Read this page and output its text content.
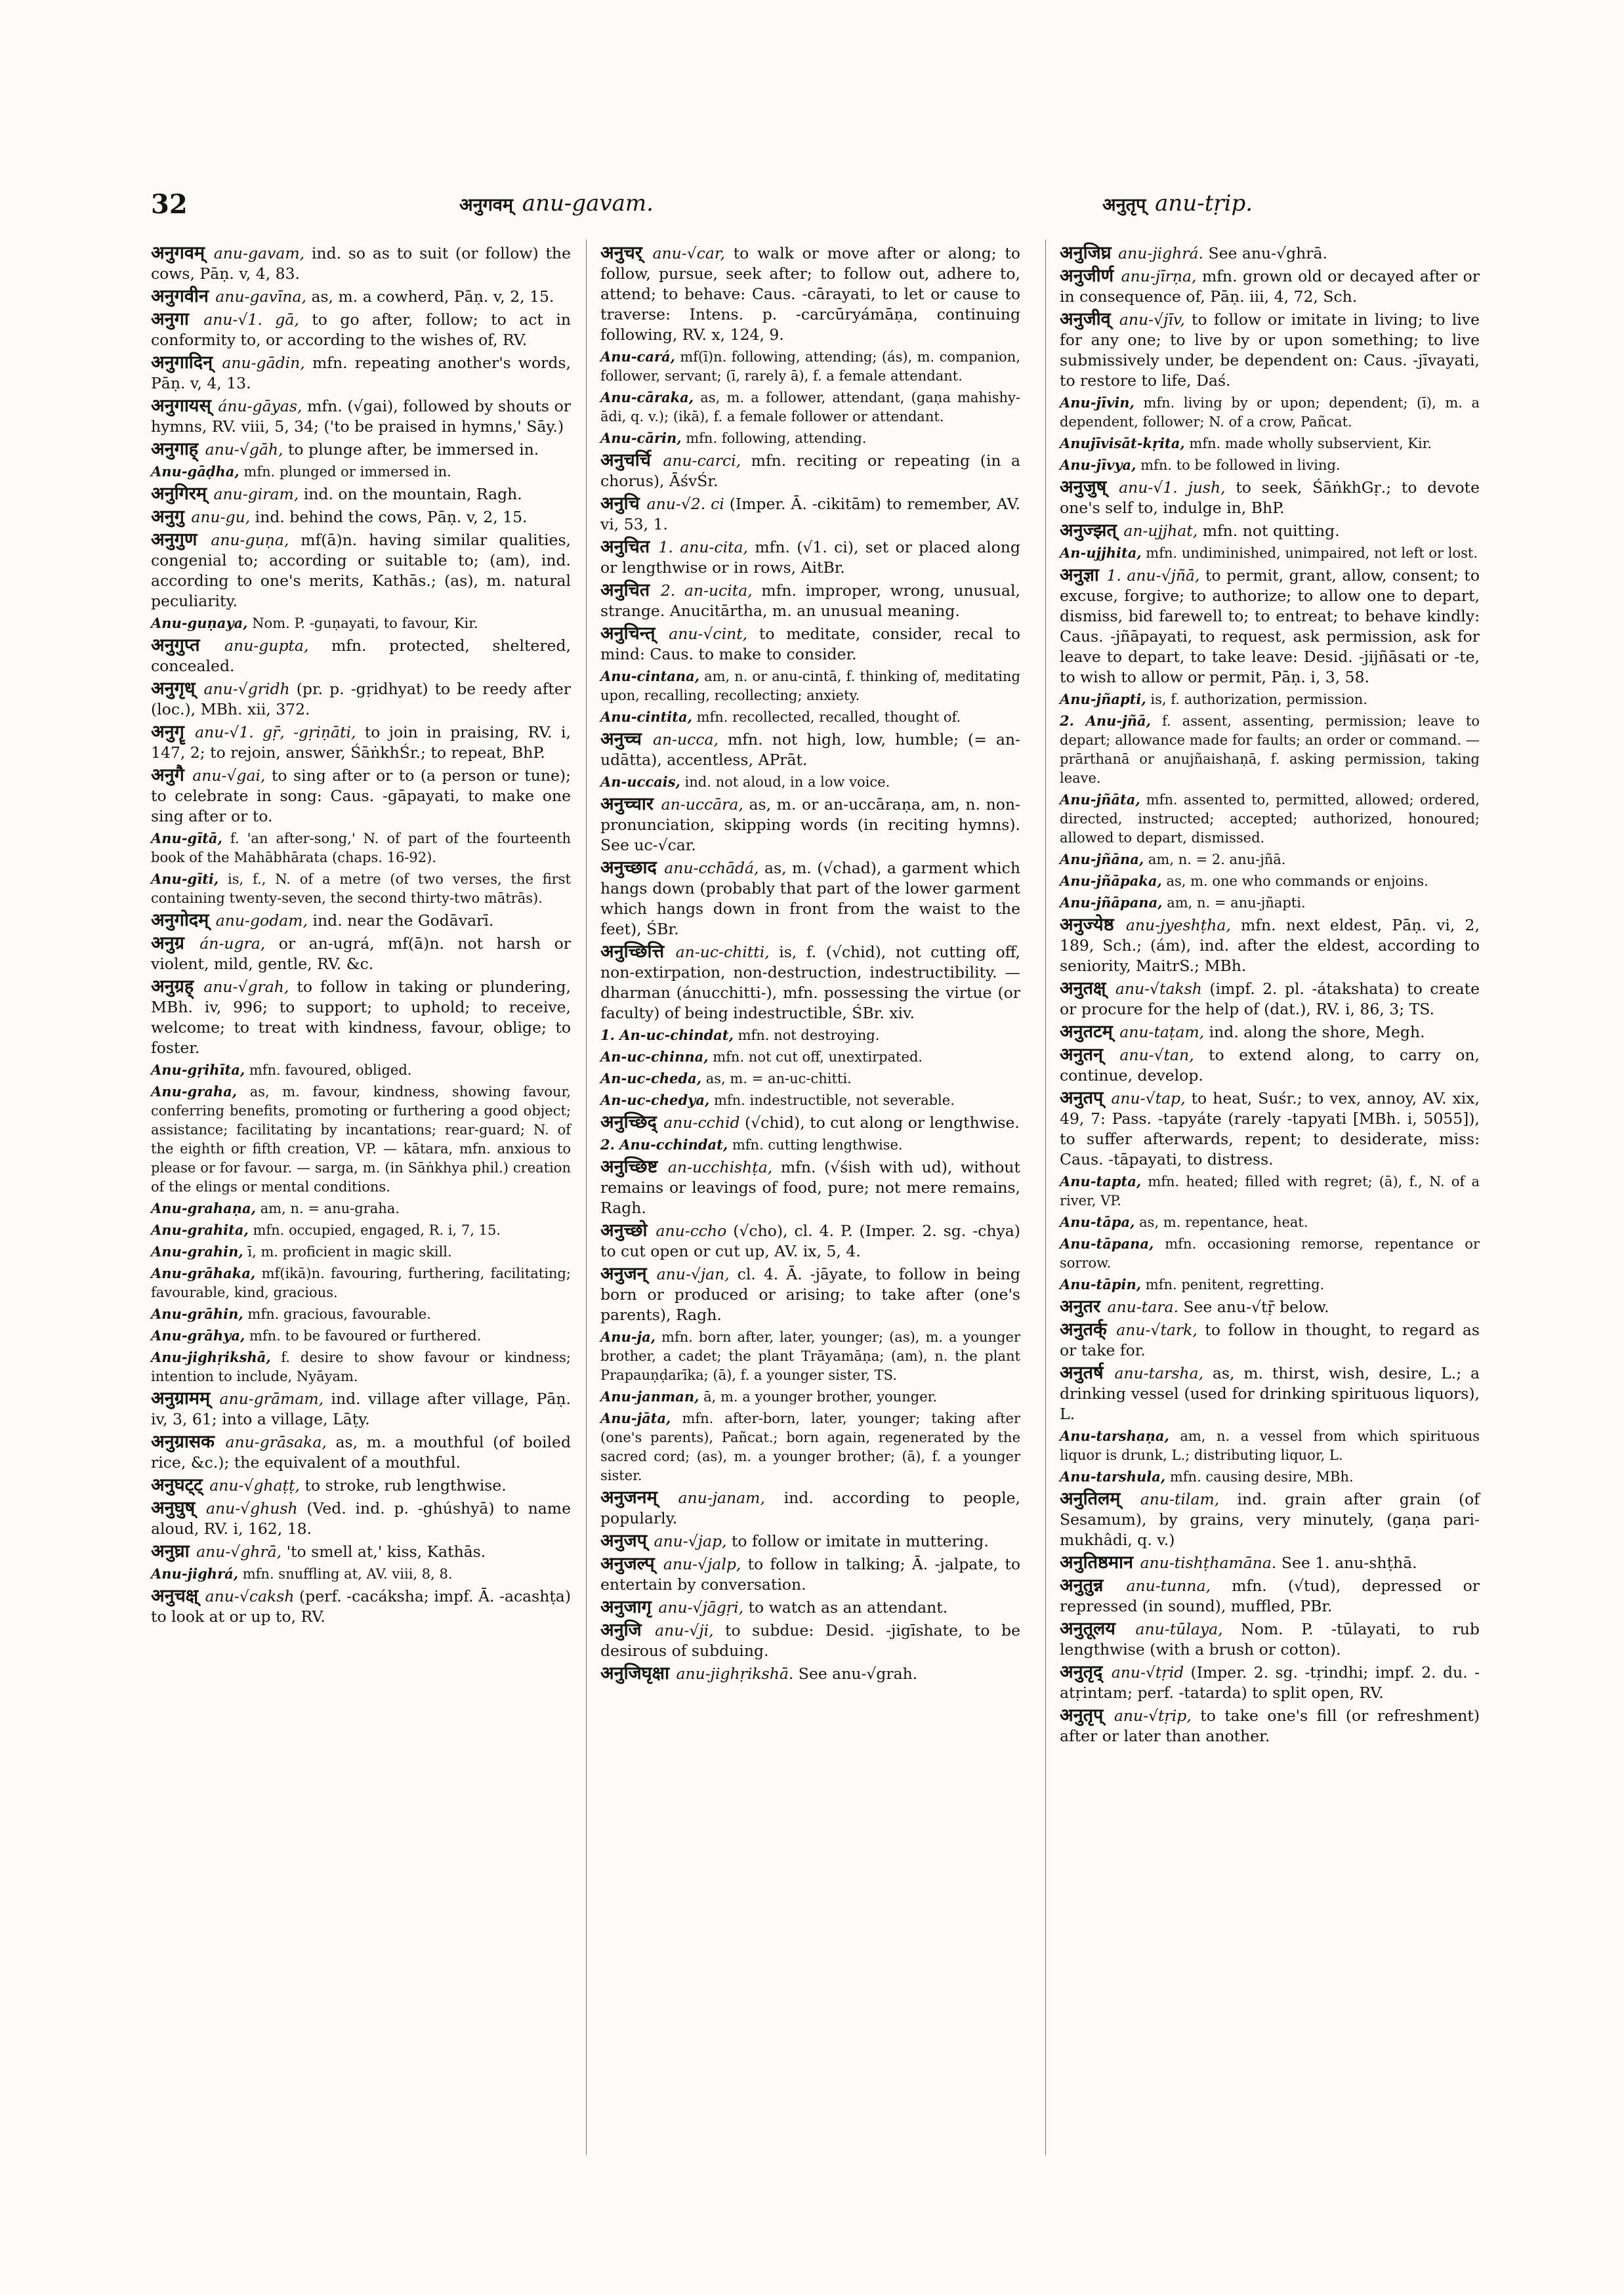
32	अनुगवम् anu-gavam.	अनुतृप् anu-tṛip.

अनुगवम् anu-gavam, ind. so as to suit (or follow) the cows, Pāṇ. v, 4, 83.

अनुगवीन anu-gavīna, as, m. a cowherd, Pāṇ. v, 2, 15.

अनुगा anu-√1. gā, to go after, follow; to act in conformity to, or according to the wishes of, RV.

अनुगादिन् anu-gādin, mfn. repeating another's words, Pāṇ. v, 4, 13.

अनुगायस् ánu-gāyas, mfn. (√gai), followed by shouts or hymns, RV. viii, 5, 34; ('to be praised in hymns,' Sāy.)

अनुगाह् anu-√gāh, to plunge after, be immersed in.

Anu-gāḍha, mfn. plunged or immersed in.

अनुगिरम् anu-giram, ind. on the mountain, Ragh.

अनुगु anu-gu, ind. behind the cows, Pāṇ. v, 2, 15.

अनुगुण anu-guṇa, mf(ā)n. having similar qualities, congenial to; according or suitable to; (am), ind. according to one's merits, Kathās.; (as), m. natural peculiarity.

Anu-guṇaya, Nom. P. -guṇayati, to favour, Kir.

अनुगुप्त anu-gupta, mfn. protected, sheltered, concealed.

अनुगृध् anu-√gridh (pr. p. -gṛidhyat) to be reedy after (loc.), MBh. xii, 372.

अनुगॄ anu-√1. gṝ, -gṛiṇāti, to join in praising, RV. i, 147, 2; to rejoin, answer, ŚāṅkhŚr.; to repeat, BhP.

अनुगै anu-√gai, to sing after or to (a person or tune); to celebrate in song: Caus. -gāpayati, to make one sing after or to.

Anu-gītā, f. 'an after-song,' N. of part of the fourteenth book of the Mahābhārata (chaps. 16-92).

Anu-gīti, is, f., N. of a metre (of two verses, the first containing twenty-seven, the second thirty-two mātrās).

अनुगोदम् anu-godam, ind. near the Godāvarī.

अनुग्र án-ugra, or an-ugrá, mf(ā)n. not harsh or violent, mild, gentle, RV. &c.

अनुग्रह् anu-√grah, to follow in taking or plundering, MBh. iv, 996; to support; to uphold; to receive, welcome; to treat with kindness, favour, oblige; to foster.

Anu-gṛihīta, mfn. favoured, obliged.

Anu-graha, as, m. favour, kindness, showing favour, conferring benefits, promoting or furthering a good object; assistance; facilitating by incantations; rear-guard; N. of the eighth or fifth creation, VP. — kātara, mfn. anxious to please or for favour. — sarga, m. (in Sāṅkhya phil.) creation of the elings or mental conditions.

Anu-grahaṇa, am, n. = anu-graha.

Anu-grahita, mfn. occupied, engaged, R. i, 7, 15.

Anu-grahin, ī, m. proficient in magic skill.

Anu-grāhaka, mf(ikā)n. favouring, furthering, facilitating; favourable, kind, gracious.

Anu-grāhin, mfn. gracious, favourable.

Anu-grāhya, mfn. to be favoured or furthered.

Anu-jighṛikshā, f. desire to show favour or kindness; intention to include, Nyāyam.

अनुग्रामम् anu-grāmam, ind. village after village, Pāṇ. iv, 3, 61; into a village, Lāṭy.

अनुग्रासक anu-grāsaka, as, m. a mouthful (of boiled rice, &c.); the equivalent of a mouthful.

अनुघट्ट् anu-√ghaṭṭ, to stroke, rub lengthwise.

अनुघुष् anu-√ghush (Ved. ind. p. -ghúshyā) to name aloud, RV. i, 162, 18.

अनुघ्रा anu-√ghrā, 'to smell at,' kiss, Kathās.

Anu-jighrá, mfn. snuffling at, AV. viii, 8, 8.

अनुचक्ष् anu-√caksh (perf. -cacáksha; impf. Ā. -acashṭa) to look at or up to, RV.

अनुचर् anu-√car, to walk or move after or along; to follow, pursue, seek after; to follow out, adhere to, attend; to behave: Caus. -cārayati, to let or cause to traverse: Intens. p. -carcūryámāṇa, continuing following, RV. x, 124, 9.

Anu-cará, mf(ī)n. following, attending; (ás), m. companion, follower, servant; (ī, rarely ā), f. a female attendant.

Anu-cāraka, as, m. a follower, attendant, (gaṇa mahishy-ādi, q. v.); (ikā), f. a female follower or attendant.

Anu-cārin, mfn. following, attending.

अनुचर्चि anu-carci, mfn. reciting or repeating (in a chorus), ĀśvŚr.

अनुचि anu-√2. ci (Imper. Ā. -cikitām) to remember, AV. vi, 53, 1.

अनुचित 1. anu-cita, mfn. (√1. ci), set or placed along or lengthwise or in rows, AitBr.

अनुचित 2. an-ucita, mfn. improper, wrong, unusual, strange. Anucitārtha, m. an unusual meaning.

अनुचिन्त् anu-√cint, to meditate, consider, recal to mind: Caus. to make to consider.

Anu-cintana, am, n. or anu-cintā, f. thinking of, meditating upon, recalling, recollecting; anxiety.

Anu-cintita, mfn. recollected, recalled, thought of.

अनुच्च an-ucca, mfn. not high, low, humble; (= an-udātta), accentless, APrāt.

An-uccais, ind. not aloud, in a low voice.

अनुच्चार an-uccāra, as, m. or an-uccāraṇa, am, n. non-pronunciation, skipping words (in reciting hymns). See uc-√car.

अनुच्छाद anu-cchādá, as, m. (√chad), a garment which hangs down (probably that part of the lower garment which hangs down in front from the waist to the feet), ŚBr.

अनुच्छित्ति an-uc-chitti, is, f. (√chid), not cutting off, non-extirpation, non-destruction, indestructibility. — dharman (ánucchitti-), mfn. possessing the virtue (or faculty) of being indestructible, ŚBr. xiv.

1. An-uc-chindat, mfn. not destroying.

An-uc-chinna, mfn. not cut off, unextirpated.

An-uc-cheda, as, m. = an-uc-chitti.

An-uc-chedya, mfn. indestructible, not severable.

अनुच्छिद् anu-cchid (√chid), to cut along or lengthwise.

2. Anu-cchindat, mfn. cutting lengthwise.

अनुच्छिष्ट an-ucchishṭa, mfn. (√śish with ud), without remains or leavings of food, pure; not mere remains, Ragh.

अनुच्छो anu-ccho (√cho), cl. 4. P. (Imper. 2. sg. -chya) to cut open or cut up, AV. ix, 5, 4.

अनुजन् anu-√jan, cl. 4. Ā. -jāyate, to follow in being born or produced or arising; to take after (one's parents), Ragh.

Anu-ja, mfn. born after, later, younger; (as), m. a younger brother, a cadet; the plant Trāyamāṇa; (am), n. the plant Prapauṇḍarīka; (ā), f. a younger sister, TS.

Anu-janman, ā, m. a younger brother, younger.

Anu-jāta, mfn. after-born, later, younger; taking after (one's parents), Pañcat.; born again, regenerated by the sacred cord; (as), m. a younger brother; (ā), f. a younger sister.

अनुजनम् anu-janam, ind. according to people, popularly.

अनुजप् anu-√jap, to follow or imitate in muttering.

अनुजल्प् anu-√jalp, to follow in talking; Ā. -jalpate, to entertain by conversation.

अनुजागृ anu-√jāgṛi, to watch as an attendant.

अनुजि anu-√ji, to subdue: Desid. -jigīshate, to be desirous of subduing.

अनुजिघृक्षा anu-jighṛikshā. See anu-√grah.

अनुजिघ्र anu-jighrá. See anu-√ghrā.

अनुजीर्ण anu-jīrṇa, mfn. grown old or decayed after or in consequence of, Pāṇ. iii, 4, 72, Sch.

अनुजीव् anu-√jīv, to follow or imitate in living; to live for any one; to live by or upon something; to live submissively under, be dependent on: Caus. -jīvayati, to restore to life, Daś.

Anu-jīvin, mfn. living by or upon; dependent; (ī), m. a dependent, follower; N. of a crow, Pañcat.

Anujīvisāt-kṛita, mfn. made wholly subservient, Kir.

Anu-jīvya, mfn. to be followed in living.

अनुजुष् anu-√1. jush, to seek, ŚāṅkhGṛ.; to devote one's self to, indulge in, BhP.

अनुज्झत् an-ujjhat, mfn. not quitting.

An-ujjhita, mfn. undiminished, unimpaired, not left or lost.

अनुज्ञा 1. anu-√jñā, to permit, grant, allow, consent; to excuse, forgive; to authorize; to allow one to depart, dismiss, bid farewell to; to entreat; to behave kindly: Caus. -jñāpayati, to request, ask permission, ask for leave to depart, to take leave: Desid. -jijñāsati or -te, to wish to allow or permit, Pāṇ. i, 3, 58.

Anu-jñapti, is, f. authorization, permission.

2. Anu-jñā, f. assent, assenting, permission; leave to depart; allowance made for faults; an order or command. — prārthanā or anujñaishaṇā, f. asking permission, taking leave.

Anu-jñāta, mfn. assented to, permitted, allowed; ordered, directed, instructed; accepted; authorized, honoured; allowed to depart, dismissed.

Anu-jñāna, am, n. = 2. anu-jñā.

Anu-jñāpaka, as, m. one who commands or enjoins.

Anu-jñāpana, am, n. = anu-jñapti.

अनुज्येष्ठ anu-jyeshṭha, mfn. next eldest, Pāṇ. vi, 2, 189, Sch.; (ám), ind. after the eldest, according to seniority, MaitrS.; MBh.

अनुतक्ष् anu-√taksh (impf. 2. pl. -átakshata) to create or procure for the help of (dat.), RV. i, 86, 3; TS.

अनुतटम् anu-taṭam, ind. along the shore, Megh.

अनुतन् anu-√tan, to extend along, to carry on, continue, develop.

अनुतप् anu-√tap, to heat, Suśr.; to vex, annoy, AV. xix, 49, 7: Pass. -tapyáte (rarely -tapyati [MBh. i, 5055]), to suffer afterwards, repent; to desiderate, miss: Caus. -tāpayati, to distress.

Anu-tapta, mfn. heated; filled with regret; (ā), f., N. of a river, VP.

Anu-tāpa, as, m. repentance, heat.

Anu-tāpana, mfn. occasioning remorse, repentance or sorrow.

Anu-tāpin, mfn. penitent, regretting.

अनुतर anu-tara. See anu-√tṝ below.

अनुतर्क् anu-√tark, to follow in thought, to regard as or take for.

अनुतर्ष anu-tarsha, as, m. thirst, wish, desire, L.; a drinking vessel (used for drinking spirituous liquors), L.

Anu-tarshaṇa, am, n. a vessel from which spirituous liquor is drunk, L.; distributing liquor, L.

Anu-tarshula, mfn. causing desire, MBh.

अनुतिलम् anu-tilam, ind. grain after grain (of Sesamum), by grains, very minutely, (gaṇa pari-mukhâdi, q. v.)

अनुतिष्ठमान anu-tishṭhamāna. See 1. anu-shṭhā.

अनुतुन्न anu-tunna, mfn. (√tud), depressed or repressed (in sound), muffled, PBr.

अनुतूलय anu-tūlaya, Nom. P. -tūlayati, to rub lengthwise (with a brush or cotton).

अनुतृद् anu-√tṛid (Imper. 2. sg. -tṛindhi; impf. 2. du. -atṛintam; perf. -tatarda) to split open, RV.

अनुतृप् anu-√tṛip, to take one's fill (or refreshment) after or later than another.
